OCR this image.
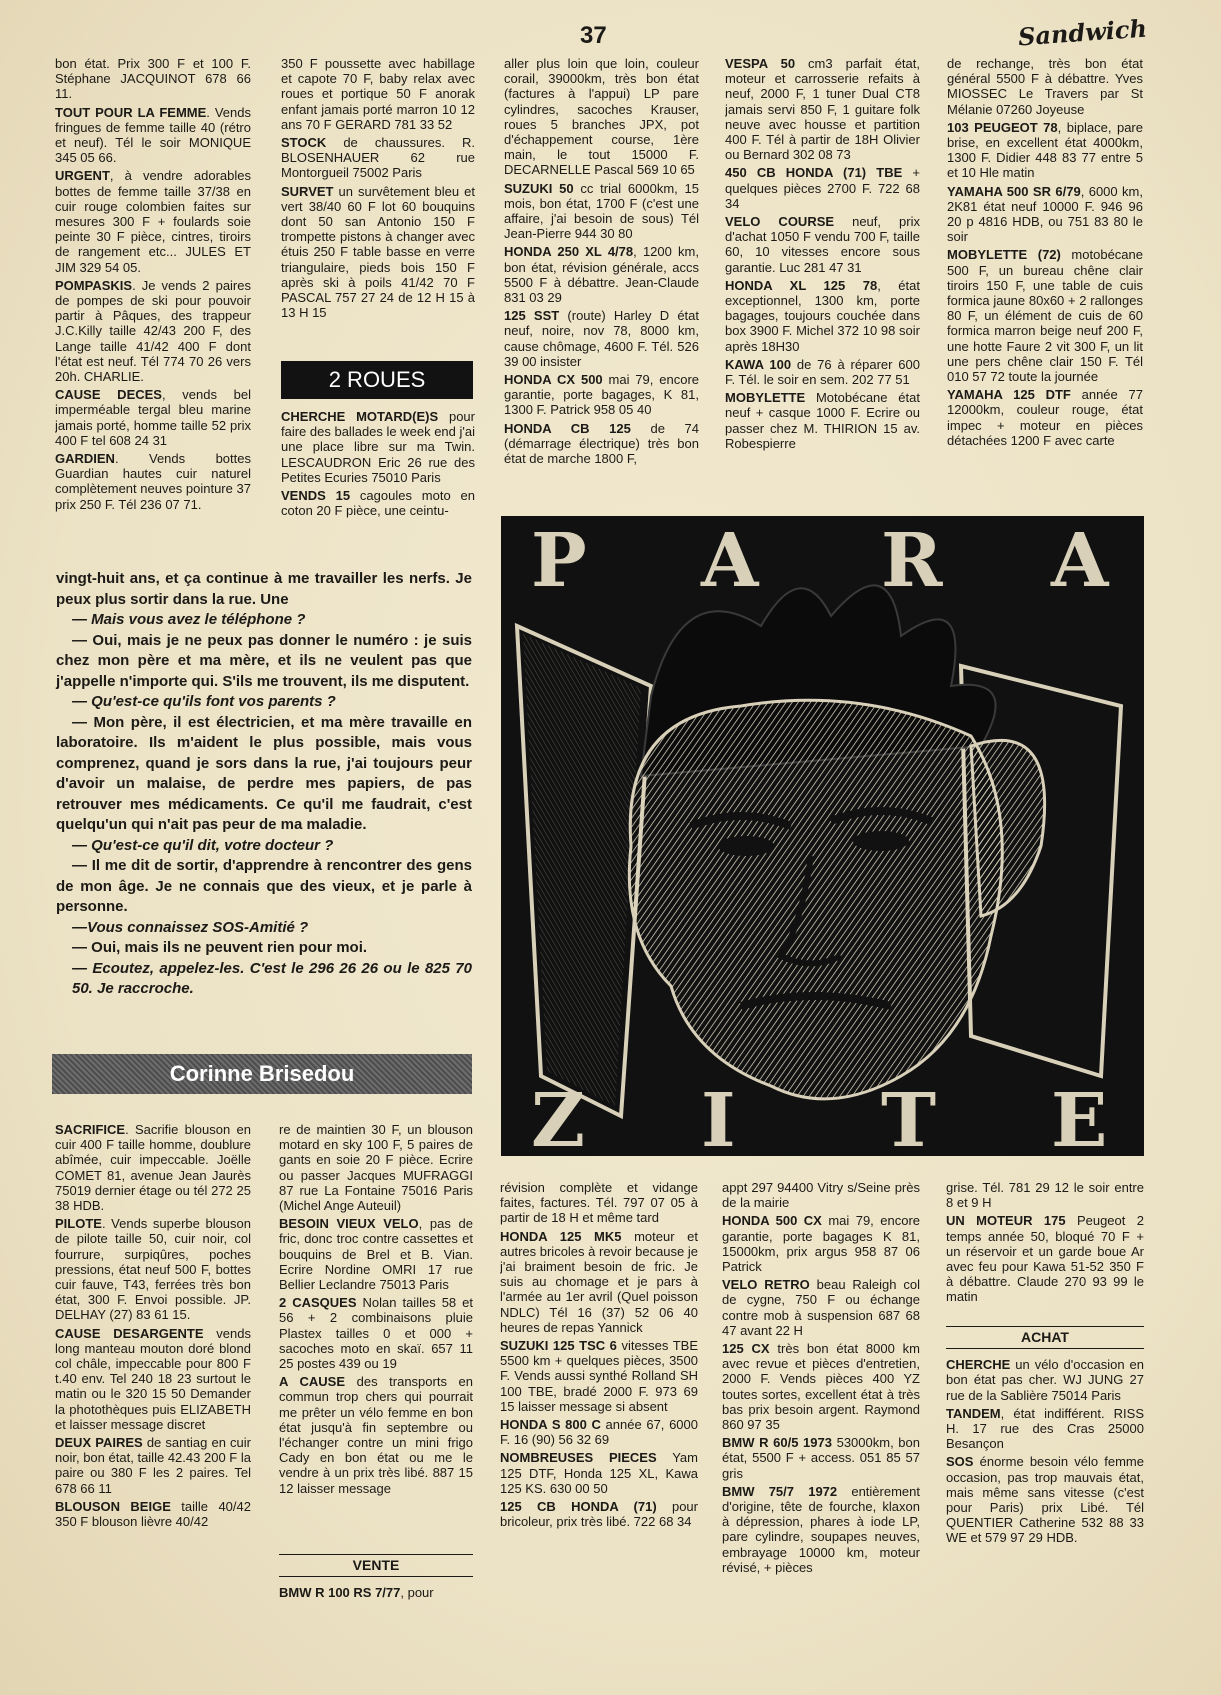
37	Sandwich

bon état. Prix 300 F et 100 F. Stéphane JACQUINOT 678 66 11.

TOUT POUR LA FEMME. Vends fringues de femme taille 40 (rétro et neuf). Tél le soir MONIQUE 345 05 66.

URGENT, à vendre adorables bottes de femme taille 37/38 en cuir rouge colombien faites sur mesures 300 F + foulards soie peinte 30 F pièce, cintres, tiroirs de rangement etc... JULES ET JIM 329 54 05.

POMPASKIS. Je vends 2 paires de pompes de ski pour pouvoir partir à Pâques, des trappeur J.C.Killy taille 42/43 200 F, des Lange taille 41/42 400 F dont l'état est neuf. Tél 774 70 26 vers 20h. CHARLIE.

CAUSE DECES, vends bel imperméable tergal bleu marine jamais porté, homme taille 52 prix 400 F tel 608 24 31

GARDIEN. Vends bottes Guardian hautes cuir naturel complètement neuves pointure 37 prix 250 F. Tél 236 07 71.

350 F poussette avec habillage et capote 70 F, baby relax avec roues et portique 50 F anorak enfant jamais porté marron 10 12 ans 70 F GERARD 781 33 52

STOCK de chaussures. R. BLOSENHAUER 62 rue Montorgueil 75002 Paris

SURVET un survêtement bleu et vert 38/40 60 F lot 60 bouquins dont 50 san Antonio 150 F trompette pistons à changer avec étuis 250 F table basse en verre triangulaire, pieds bois 150 F après ski à poils 41/42 70 F PASCAL 757 27 24 de 12 H 15 à 13 H 15

2 ROUES

CHERCHE MOTARD(E)S pour faire des ballades le week end j'ai une place libre sur ma Twin. LESCAUDRON Eric 26 rue des Petites Ecuries 75010 Paris

VENDS 15 cagoules moto en coton 20 F pièce, une ceintu-

aller plus loin que loin, couleur corail, 39000km, très bon état (factures à l'appui) LP pare cylindres, sacoches Krauser, roues 5 branches JPX, pot d'échappement course, 1ère main, le tout 15000 F. DECARNELLE Pascal 569 10 65

SUZUKI 50 cc trial 6000km, 15 mois, bon état, 1700 F (c'est une affaire, j'ai besoin de sous) Tél Jean-Pierre 944 30 80

HONDA 250 XL 4/78, 1200 km, bon état, révision générale, accs 5500 F à débattre. Jean-Claude 831 03 29

125 SST (route) Harley D état neuf, noire, nov 78, 8000 km, cause chômage, 4600 F. Tél. 526 39 00 insister

HONDA CX 500 mai 79, encore garantie, porte bagages, K 81, 1300 F. Patrick 958 05 40

HONDA CB 125 de 74 (démarrage électrique) très bon état de marche 1800 F,

VESPA 50 cm3 parfait état, moteur et carrosserie refaits à neuf, 2000 F, 1 tuner Dual CT8 jamais servi 850 F, 1 guitare folk neuve avec housse et partition 400 F. Tél à partir de 18H Olivier ou Bernard 302 08 73

450 CB HONDA (71) TBE + quelques pièces 2700 F. 722 68 34

VELO COURSE neuf, prix d'achat 1050 F vendu 700 F, taille 60, 10 vitesses encore sous garantie. Luc 281 47 31

HONDA XL 125 78, état exceptionnel, 1300 km, porte bagages, toujours couchée dans box 3900 F. Michel 372 10 98 soir après 18H30

KAWA 100 de 76 à réparer 600 F. Tél. le soir en sem. 202 77 51

MOBYLETTE Motobécane état neuf + casque 1000 F. Ecrire ou passer chez M. THIRION 15 av. Robespierre

de rechange, très bon état général 5500 F à débattre. Yves MIOSSEC Le Travers par St Mélanie 07260 Joyeuse

103 PEUGEOT 78, biplace, pare brise, en excellent état 4000km, 1300 F. Didier 448 83 77 entre 5 et 10 Hle matin

YAMAHA 500 SR 6/79, 6000 km, 2K81 état neuf 10000 F. 946 96 20 p 4816 HDB, ou 751 83 80 le soir

MOBYLETTE (72) motobécane 500 F, un bureau chêne clair tiroirs 150 F, une table de cuis formica jaune 80x60 + 2 rallonges 80 F, un élément de cuis de 60 formica marron beige neuf 200 F, une hotte Faure 2 vit 300 F, un lit une pers chêne clair 150 F. Tél 010 57 72 toute la journée

YAMAHA 125 DTF année 77 12000km, couleur rouge, état impec + moteur en pièces détachées 1200 F avec carte

vingt-huit ans, et ça continue à me travailler les nerfs. Je peux plus sortir dans la rue. Une

— Mais vous avez le téléphone ?

— Oui, mais je ne peux pas donner le numéro : je suis chez mon père et ma mère, et ils ne veulent pas que j'appelle n'importe qui. S'ils me trouvent, ils me disputent.

— Qu'est-ce qu'ils font vos parents ?

— Mon père, il est électricien, et ma mère travaille en laboratoire. Ils m'aident le plus possible, mais vous comprenez, quand je sors dans la rue, j'ai toujours peur d'avoir un malaise, de perdre mes papiers, de pas retrouver mes médicaments. Ce qu'il me faudrait, c'est quelqu'un qui n'ait pas peur de ma maladie.

— Qu'est-ce qu'il dit, votre docteur ?

— Il me dit de sortir, d'apprendre à rencontrer des gens de mon âge. Je ne connais que des vieux, et je parle à personne.

—Vous connaissez SOS-Amitié ?

— Oui, mais ils ne peuvent rien pour moi.

— Ecoutez, appelez-les. C'est le 296 26 26 ou le 825 70 50. Je raccroche.

Corinne Brisedou
P A R A
Z I T E

SACRIFICE. Sacrifie blouson en cuir 400 F taille homme, doublure abîmée, cuir impeccable. Joëlle COMET 81, avenue Jean Jaurès 75019 dernier étage ou tél 272 25 38 HDB.

PILOTE. Vends superbe blouson de pilote taille 50, cuir noir, col fourrure, surpiqûres, poches pressions, état neuf 500 F, bottes cuir fauve, T43, ferrées très bon état, 300 F. Envoi possible. JP. DELHAY (27) 83 61 15.

CAUSE DESARGENTE vends long manteau mouton doré blond col châle, impeccable pour 800 F t.40 env. Tel 240 18 23 surtout le matin ou le 320 15 50 Demander la photothèques puis ELIZABETH et laisser message discret

DEUX PAIRES de santiag en cuir noir, bon état, taille 42.43 200 F la paire ou 380 F les 2 paires. Tel 678 66 11

BLOUSON BEIGE taille 40/42 350 F blouson lièvre 40/42

re de maintien 30 F, un blouson motard en sky 100 F, 5 paires de gants en soie 20 F pièce. Ecrire ou passer Jacques MUFRAGGI 87 rue La Fontaine 75016 Paris (Michel Ange Auteuil)

BESOIN VIEUX VELO, pas de fric, donc troc contre cassettes et bouquins de Brel et B. Vian. Ecrire Nordine OMRI 17 rue Bellier Leclandre 75013 Paris

2 CASQUES Nolan tailles 58 et 56 + 2 combinaisons pluie Plastex tailles 0 et 000 + sacoches moto en skaï. 657 11 25 postes 439 ou 19

A CAUSE des transports en commun trop chers qui pourrait me prêter un vélo femme en bon état jusqu'à fin septembre ou l'échanger contre un mini frigo Cady en bon état ou me le vendre à un prix très libé. 887 15 12 laisser message

VENTE

BMW R 100 RS 7/77, pour

révision complète et vidange faites, factures. Tél. 797 07 05 à partir de 18 H et même tard

HONDA 125 MK5 moteur et autres bricoles à revoir because je j'ai braiment besoin de fric. Je suis au chomage et je pars à l'armée au 1er avril (Quel poisson NDLC) Tél 16 (37) 52 06 40 heures de repas Yannick

SUZUKI 125 TSC 6 vitesses TBE 5500 km + quelques pièces, 3500 F. Vends aussi synthé Rolland SH 100 TBE, bradé 2000 F. 973 69 15 laisser message si absent

HONDA S 800 C année 67, 6000 F. 16 (90) 56 32 69

NOMBREUSES PIECES Yam 125 DTF, Honda 125 XL, Kawa 125 KS. 630 00 50

125 CB HONDA (71) pour bricoleur, prix très libé. 722 68 34

appt 297 94400 Vitry s/Seine près de la mairie

HONDA 500 CX mai 79, encore garantie, porte bagages K 81, 15000km, prix argus 958 87 06 Patrick

VELO RETRO beau Raleigh col de cygne, 750 F ou échange contre mob à suspension 687 68 47 avant 22 H

125 CX très bon état 8000 km avec revue et pièces d'entretien, 2000 F. Vends pièces 400 YZ toutes sortes, excellent état à très bas prix besoin argent. Raymond 860 97 35

BMW R 60/5 1973 53000km, bon état, 5500 F + access. 051 85 57 gris

BMW 75/7 1972 entièrement d'origine, tête de fourche, klaxon à dépression, phares à iode LP, pare cylindre, soupapes neuves, embrayage 10000 km, moteur révisé, + pièces

grise. Tél. 781 29 12 le soir entre 8 et 9 H

UN MOTEUR 175 Peugeot 2 temps année 50, bloqué 70 F + un réservoir et un garde boue Ar avec feu pour Kawa 51-52 350 F à débattre. Claude 270 93 99 le matin

ACHAT

CHERCHE un vélo d'occasion en bon état pas cher. WJ JUNG 27 rue de la Sablière 75014 Paris

TANDEM, état indifférent. RISS H. 17 rue des Cras 25000 Besançon

SOS énorme besoin vélo femme occasion, pas trop mauvais état, mais même sans vitesse (c'est pour Paris) prix Libé. Tél QUENTIER Catherine 532 88 33 WE et 579 97 29 HDB.
